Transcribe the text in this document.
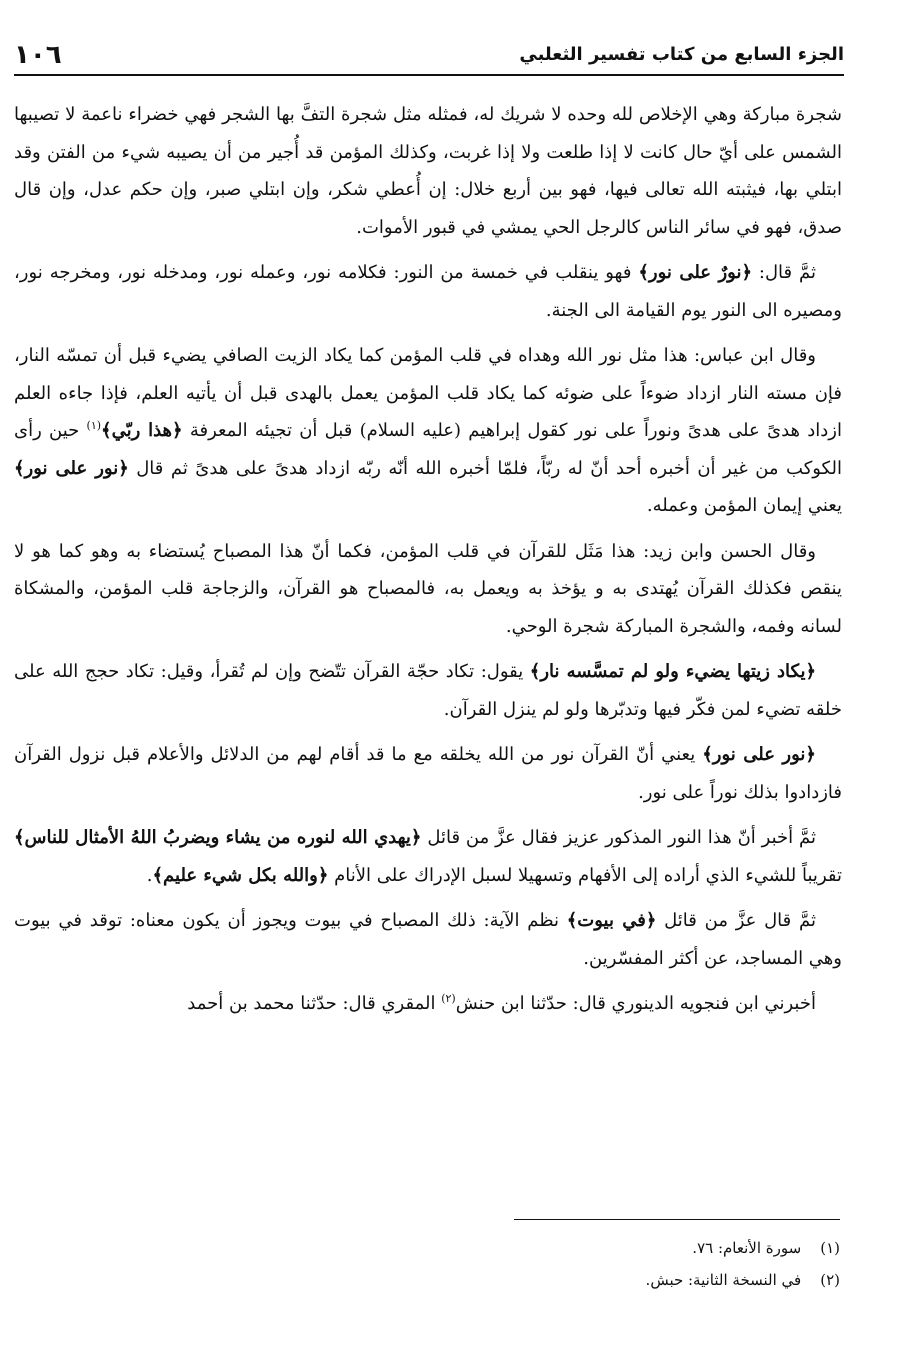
الجزء السابع من كتاب تفسير الثعلبي
١٠٦

شجرة مباركة وهي الإخلاص لله وحده لا شريك له، فمثله مثل شجرة التفَّ بها الشجر فهي خضراء ناعمة لا تصيبها الشمس على أيّ حال كانت لا إذا طلعت ولا إذا غربت، وكذلك المؤمن قد أُجير من أن يصيبه شيء من الفتن وقد ابتلي بها، فيثبته الله تعالى فيها، فهو بين أربع خلال: إن أُعطي شكر، وإن ابتلي صبر، وإن حكم عدل، وإن قال صدق، فهو في سائر الناس كالرجل الحي يمشي في قبور الأموات.

ثمَّ قال: ﴿نورٌ على نور﴾ فهو ينقلب في خمسة من النور: فكلامه نور، وعمله نور، ومدخله نور، ومخرجه نور، ومصيره الى النور يوم القيامة الى الجنة.

وقال ابن عباس: هذا مثل نور الله وهداه في قلب المؤمن كما يكاد الزيت الصافي يضيء قبل أن تمسّه النار، فإن مسته النار ازداد ضوءاً على ضوئه كما يكاد قلب المؤمن يعمل بالهدى قبل أن يأتيه العلم، فإذا جاءه العلم ازداد هدىً على هدىً ونوراً على نور كقول إبراهيم (عليه السلام) قبل أن تجيئه المعرفة ﴿هذا ربّي﴾$^{(١)}$ حين رأى الكوكب من غير أن أخبره أحد أنّ له ربّاً، فلمّا أخبره الله أنّه ربّه ازداد هدىً على هدىً ثم قال ﴿نور على نور﴾ يعني إيمان المؤمن وعمله.

وقال الحسن وابن زيد: هذا مَثَل للقرآن في قلب المؤمن، فكما أنّ هذا المصباح يُستضاء به وهو كما هو لا ينقص فكذلك القرآن يُهتدى به و يؤخذ به ويعمل به، فالمصباح هو القرآن، والزجاجة قلب المؤمن، والمشكاة لسانه وفمه، والشجرة المباركة شجرة الوحي.

﴿يكاد زيتها يضيء ولو لم تمسَّسه نار﴾ يقول: تكاد حجّة القرآن تتّضح وإن لم تُقرأ، وقيل: تكاد حجج الله على خلقه تضيء لمن فكّر فيها وتدبّرها ولو لم ينزل القرآن.

﴿نور على نور﴾ يعني أنّ القرآن نور من الله يخلقه مع ما قد أقام لهم من الدلائل والأعلام قبل نزول القرآن فازدادوا بذلك نوراً على نور.

ثمَّ أخبر أنّ هذا النور المذكور عزيز فقال عزَّ من قائل ﴿يهدي الله لنوره من يشاء ويضربُ اللهُ الأمثال للناس﴾ تقريباً للشيء الذي أراده إلى الأفهام وتسهيلا لسبل الإدراك على الأنام ﴿والله بكل شيء عليم﴾.

ثمَّ قال عزَّ من قائل ﴿في بيوت﴾ نظم الآية: ذلك المصباح في بيوت ويجوز أن يكون معناه: توقد في بيوت وهي المساجد، عن أكثر المفسّرين.

أخبرني ابن فنجويه الدينوري قال: حدّثنا ابن حنش$^{(٢)}$ المقري قال: حدّثنا محمد بن أحمد

(١) سورة الأنعام: ٧٦.
(٢) في النسخة الثانية: حبش.
